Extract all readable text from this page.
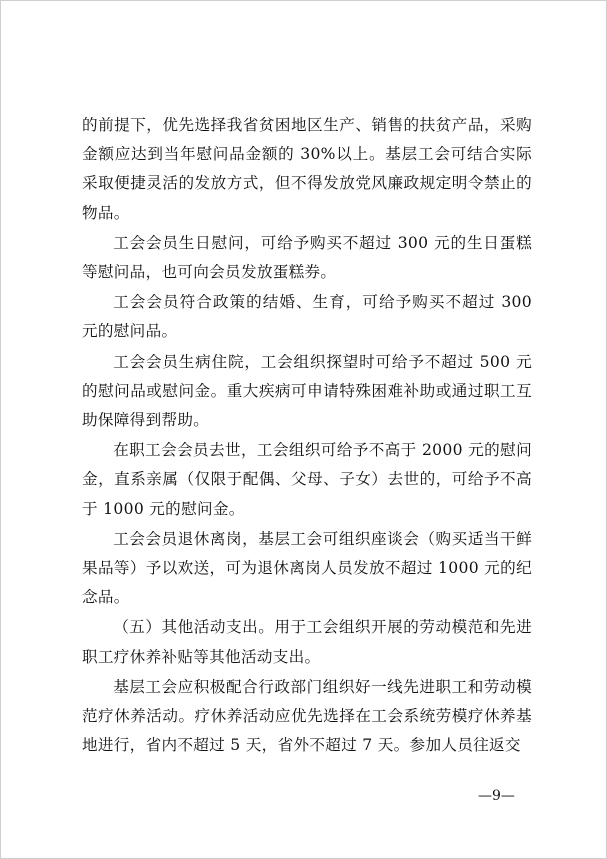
的前提下，优先选择我省贫困地区生产、销售的扶贫产品，采购金额应达到当年慰问品金额的 30%以上。基层工会可结合实际采取便捷灵活的发放方式，但不得发放党风廉政规定明令禁止的物品。

工会会员生日慰问，可给予购买不超过 300 元的生日蛋糕等慰问品，也可向会员发放蛋糕券。

工会会员符合政策的结婚、生育，可给予购买不超过 300 元的慰问品。

工会会员生病住院，工会组织探望时可给予不超过 500 元的慰问品或慰问金。重大疾病可申请特殊困难补助或通过职工互助保障得到帮助。

在职工会会员去世，工会组织可给予不高于 2000 元的慰问金，直系亲属（仅限于配偶、父母、子女）去世的，可给予不高于 1000 元的慰问金。

工会会员退休离岗，基层工会可组织座谈会（购买适当干鲜果品等）予以欢送，可为退休离岗人员发放不超过 1000 元的纪念品。

（五）其他活动支出。用于工会组织开展的劳动模范和先进职工疗休养补贴等其他活动支出。

基层工会应积极配合行政部门组织好一线先进职工和劳动模范疗休养活动。疗休养活动应优先选择在工会系统劳模疗休养基地进行，省内不超过 5 天，省外不超过 7 天。参加人员往返交

—9—
